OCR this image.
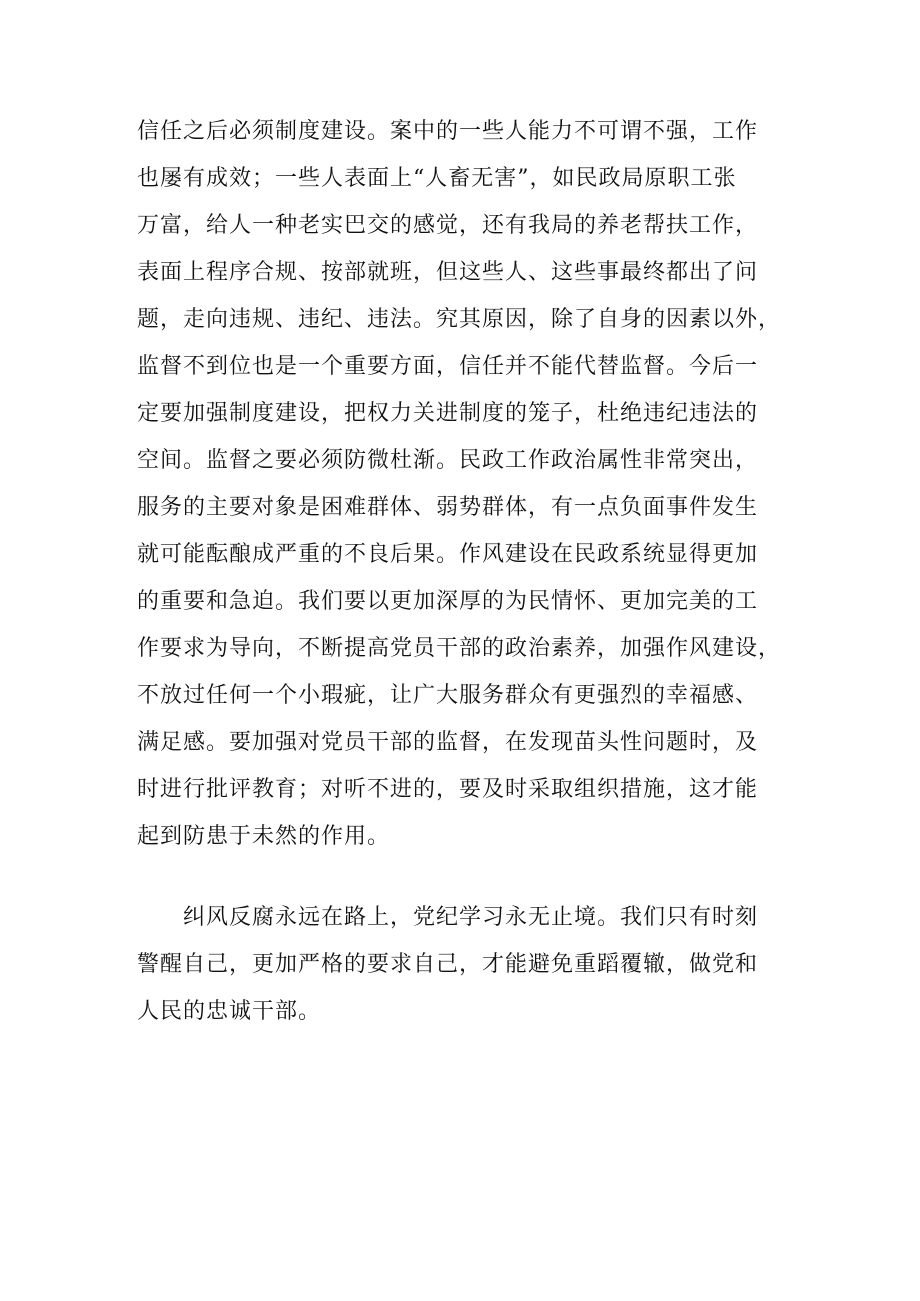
信任之后必须制度建设。案中的一些人能力不可谓不强，工作
也屡有成效；一些人表面上“人畜无害”，如民政局原职工张
万富，给人一种老实巴交的感觉，还有我局的养老帮扶工作，
表面上程序合规、按部就班，但这些人、这些事最终都出了问
题，走向违规、违纪、违法。究其原因，除了自身的因素以外，
监督不到位也是一个重要方面，信任并不能代替监督。今后一
定要加强制度建设，把权力关进制度的笼子，杜绝违纪违法的
空间。监督之要必须防微杜渐。民政工作政治属性非常突出，
服务的主要对象是困难群体、弱势群体，有一点负面事件发生
就可能酝酿成严重的不良后果。作风建设在民政系统显得更加
的重要和急迫。我们要以更加深厚的为民情怀、更加完美的工
作要求为导向，不断提高党员干部的政治素养，加强作风建设，
不放过任何一个小瑕疵，让广大服务群众有更强烈的幸福感、
满足感。要加强对党员干部的监督，在发现苗头性问题时，及
时进行批评教育；对听不进的，要及时采取组织措施，这才能
起到防患于未然的作用。
　　纠风反腐永远在路上，党纪学习永无止境。我们只有时刻
警醒自己，更加严格的要求自己，才能避免重蹈覆辙，做党和
人民的忠诚干部。
